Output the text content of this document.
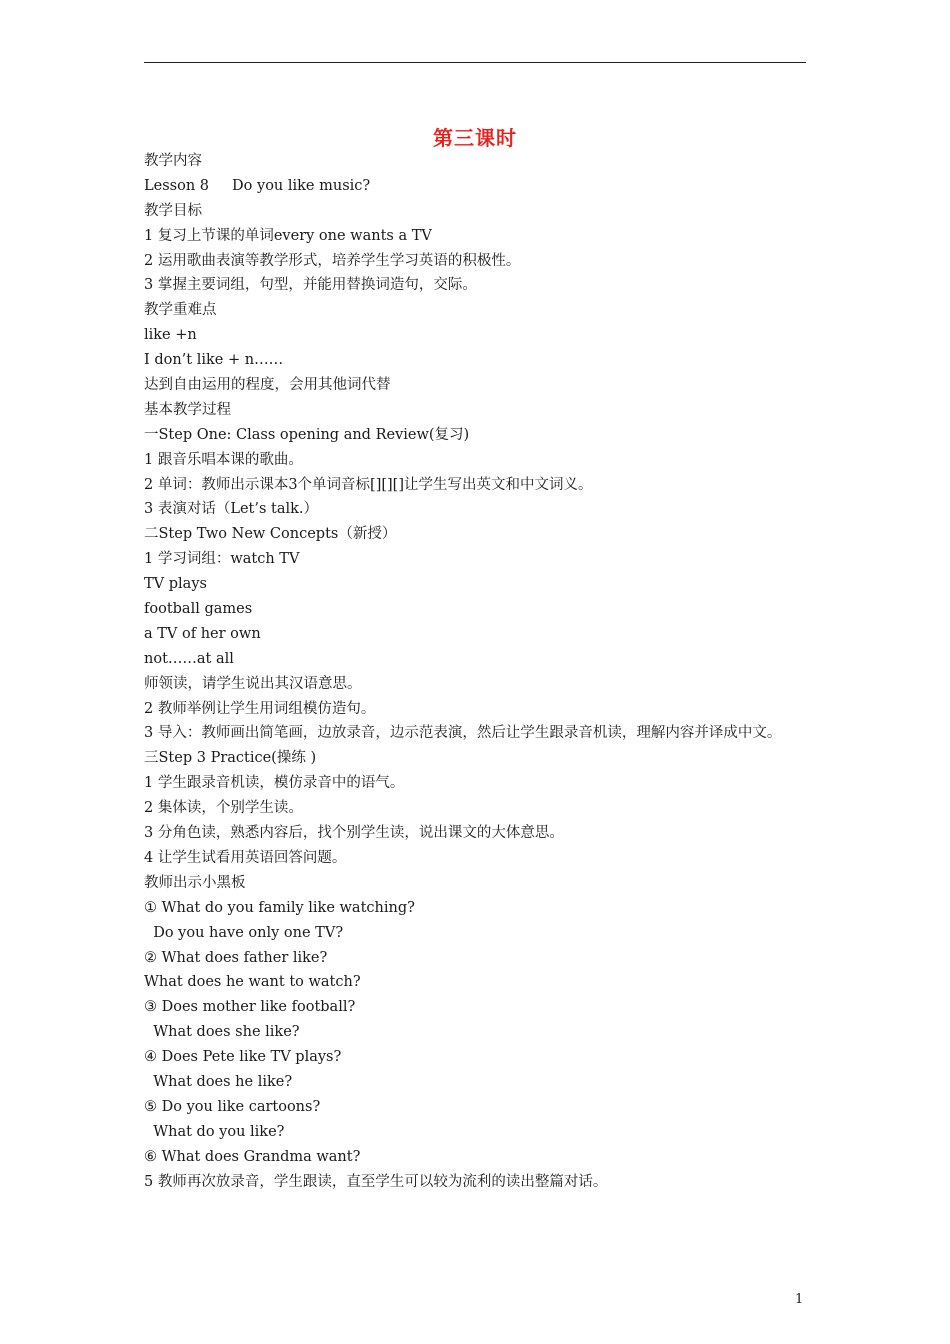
第三课时
教学内容
Lesson 8     Do you like music?
教学目标
1 复习上节课的单词every one wants a TV
2 运用歌曲表演等教学形式，培养学生学习英语的积极性。
3 掌握主要词组，句型，并能用替换词造句，交际。
教学重难点
like +n
I don’t like + n……
达到自由运用的程度，会用其他词代替
基本教学过程
一Step One: Class opening and Review(复习)
1 跟音乐唱本课的歌曲。
2 单词：教师出示课本3个单词音标[][][]让学生写出英文和中文词义。
3 表演对话（Let’s talk.）
二Step Two New Concepts（新授）
1 学习词组：watch TV
TV plays
football games
a TV of her own
not……at all
师领读，请学生说出其汉语意思。
2 教师举例让学生用词组模仿造句。
3 导入：教师画出简笔画，边放录音，边示范表演，然后让学生跟录音机读，理解内容并译成中文。
三Step 3 Practice(操练 )
1 学生跟录音机读，模仿录音中的语气。
2 集体读，个别学生读。
3 分角色读，熟悉内容后，找个别学生读，说出课文的大体意思。
4 让学生试看用英语回答问题。
教师出示小黑板
① What do you family like watching?
Do you have only one TV?
② What does father like?
What does he want to watch?
③ Does mother like football?
What does she like?
④ Does Pete like TV plays?
What does he like?
⑤ Do you like cartoons?
What do you like?
⑥ What does Grandma want?
5 教师再次放录音，学生跟读，直至学生可以较为流利的读出整篇对话。
1
